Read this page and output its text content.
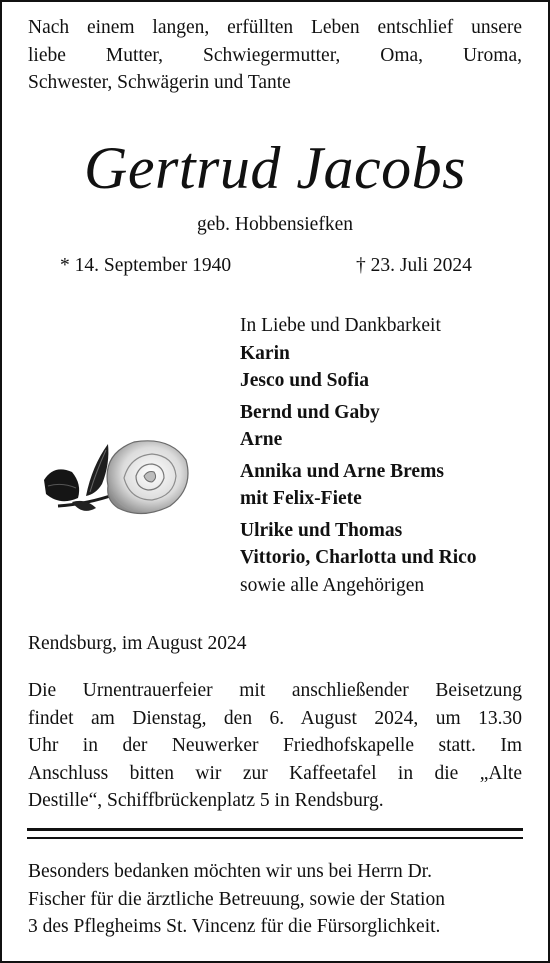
Nach einem langen, erfüllten Leben entschlief unsere
liebe Mutter, Schwiegermutter, Oma, Uroma,
Schwester, Schwägerin und Tante
Gertrud Jacobs
geb. Hobbensiefken
* 14. September 1940	† 23. Juli 2024
In Liebe und Dankbarkeit
Karin
Jesco und Sofia
Bernd und Gaby
Arne
Annika und Arne Brems
mit Felix-Fiete
Ulrike und Thomas
Vittorio, Charlotta und Rico
sowie alle Angehörigen
Rendsburg, im August 2024
Die Urnentrauerfeier mit anschließender Beisetzung
findet am Dienstag, den 6. August 2024, um 13.30
Uhr in der Neuwerker Friedhofskapelle statt. Im
Anschluss bitten wir zur Kaffeetafel in die „Alte
Destille“, Schiffbrückenplatz 5 in Rendsburg.
Besonders bedanken möchten wir uns bei Herrn Dr.
Fischer für die ärztliche Betreuung, sowie der Station
3 des Pflegheims St. Vincenz für die Fürsorglichkeit.
